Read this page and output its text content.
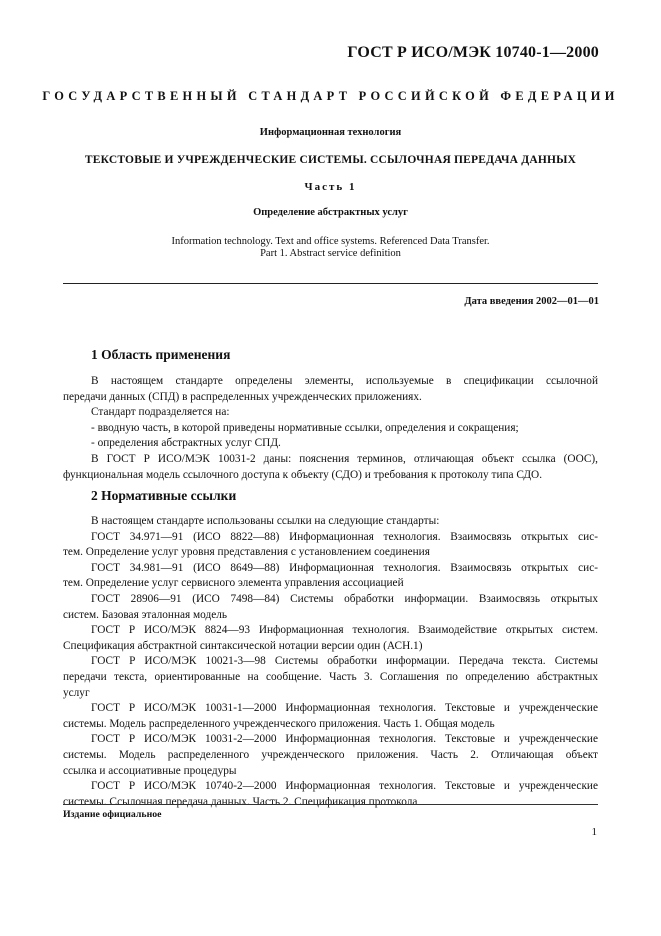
ГОСТ Р ИСО/МЭК 10740-1—2000
ГОСУДАРСТВЕННЫЙ СТАНДАРТ РОССИЙСКОЙ ФЕДЕРАЦИИ
Информационная технология
ТЕКСТОВЫЕ И УЧРЕЖДЕНЧЕСКИЕ СИСТЕМЫ. ССЫЛОЧНАЯ ПЕРЕДАЧА ДАННЫХ
Часть 1
Определение абстрактных услуг
Information technology. Text and office systems. Referenced Data Transfer.
Part 1. Abstract service definition
Дата введения 2002—01—01
1 Область применения
В настоящем стандарте определены элементы, используемые в спецификации ссылочной
передачи данных (СПД) в распределенных учрежденческих приложениях.
Стандарт подразделяется на:
- вводную часть, в которой приведены нормативные ссылки, определения и сокращения;
- определения абстрактных услуг СПД.
В ГОСТ Р ИСО/МЭК 10031-2 даны: пояснения терминов, отличающая объект ссылка (ООС),
функциональная модель ссылочного доступа к объекту (СДО) и требования к протоколу типа СДО.
2 Нормативные ссылки
В настоящем стандарте использованы ссылки на следующие стандарты:
ГОСТ 34.971—91 (ИСО 8822—88) Информационная технология. Взаимосвязь открытых сис-
тем. Определение услуг уровня представления с установлением соединения
ГОСТ 34.981—91 (ИСО 8649—88) Информационная технология. Взаимосвязь открытых сис-
тем. Определение услуг сервисного элемента управления ассоциацией
ГОСТ 28906—91 (ИСО 7498—84) Системы обработки информации. Взаимосвязь открытых
систем. Базовая эталонная модель
ГОСТ Р ИСО/МЭК 8824—93 Информационная технология. Взаимодействие открытых систем.
Спецификация абстрактной синтаксической нотации версии один (АСН.1)
ГОСТ Р ИСО/МЭК 10021-3—98 Системы обработки информации. Передача текста. Системы
передачи текста, ориентированные на сообщение. Часть 3. Соглашения по определению абстрактных
услуг
ГОСТ Р ИСО/МЭК 10031-1—2000 Информационная технология. Текстовые и учрежденческие
системы. Модель распределенного учрежденческого приложения. Часть 1. Общая модель
ГОСТ Р ИСО/МЭК 10031-2—2000 Информационная технология. Текстовые и учрежденческие
системы. Модель распределенного учрежденческого приложения. Часть 2. Отличающая объект
ссылка и ассоциативные процедуры
ГОСТ Р ИСО/МЭК 10740-2—2000 Информационная технология. Текстовые и учрежденческие
системы. Ссылочная передача данных. Часть 2. Спецификация протокола
Издание официальное
1
